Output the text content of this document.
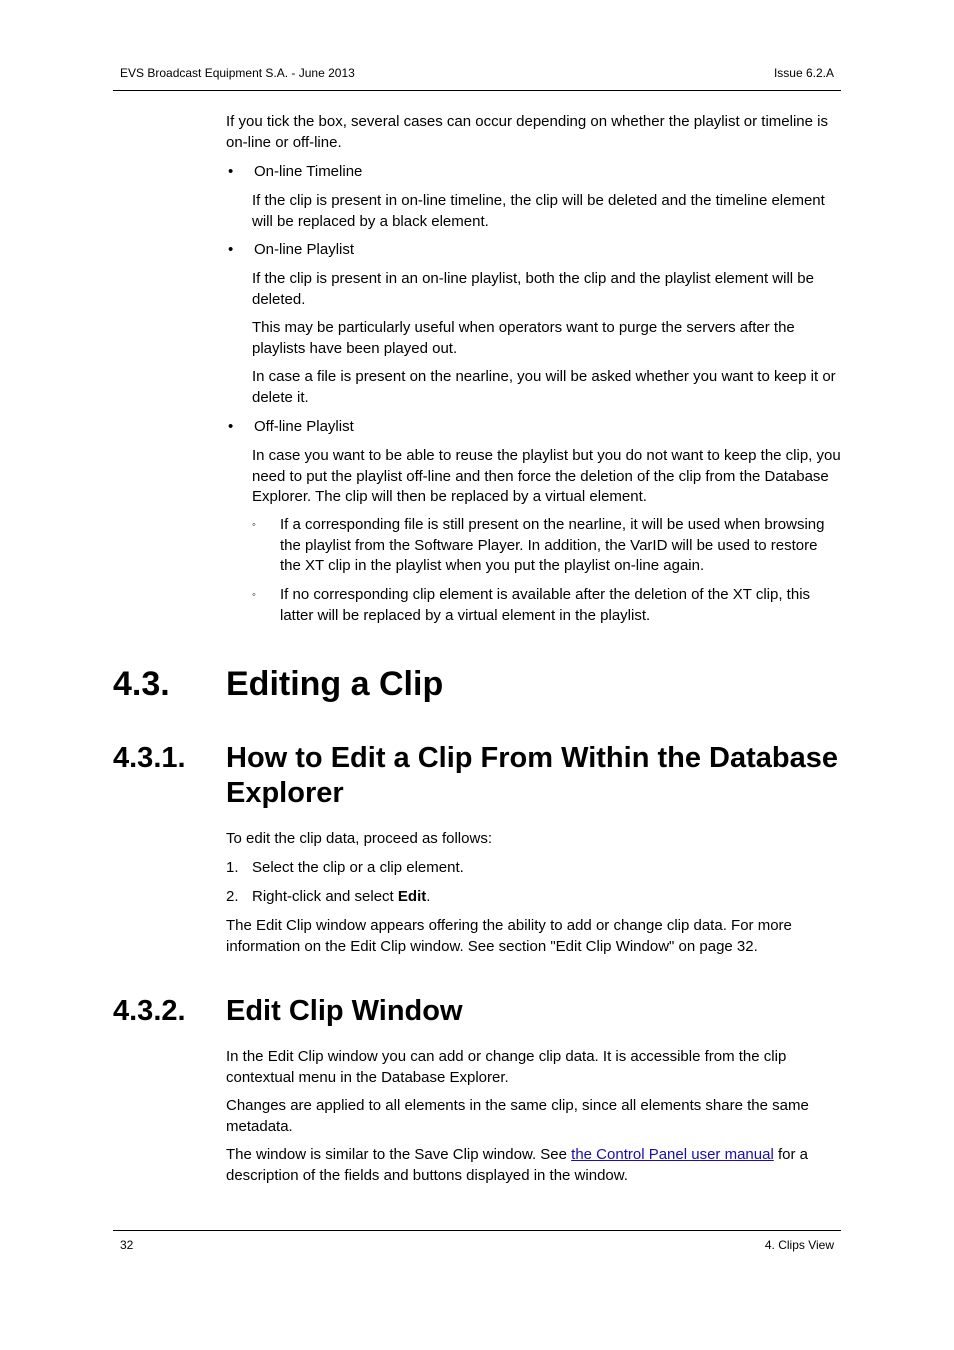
EVS Broadcast Equipment S.A. - June 2013	Issue 6.2.A

If you tick the box, several cases can occur depending on whether the playlist or timeline is on-line or off-line.

•	On-line Timeline
If the clip is present in on-line timeline, the clip will be deleted and the timeline element will be replaced by a black element.
•	On-line Playlist
If the clip is present in an on-line playlist, both the clip and the playlist element will be deleted.
This may be particularly useful when operators want to purge the servers after the playlists have been played out.
In case a file is present on the nearline, you will be asked whether you want to keep it or delete it.
•	Off-line Playlist
In case you want to be able to reuse the playlist but you do not want to keep the clip, you need to put the playlist off-line and then force the deletion of the clip from the Database Explorer. The clip will then be replaced by a virtual element.
◦ If a corresponding file is still present on the nearline, it will be used when browsing the playlist from the Software Player. In addition, the VarID will be used to restore the XT clip in the playlist when you put the playlist on-line again.
◦ If no corresponding clip element is available after the deletion of the XT clip, this latter will be replaced by a virtual element in the playlist.
4.3. Editing a Clip
4.3.1. How to Edit a Clip From Within the Database
Explorer
To edit the clip data, proceed as follows:
1. Select the clip or a clip element.
2. Right-click and select Edit.
The Edit Clip window appears offering the ability to add or change clip data. For more information on the Edit Clip window. See section "Edit Clip Window" on page 32.
4.3.2. Edit Clip Window
In the Edit Clip window you can add or change clip data. It is accessible from the clip contextual menu in the Database Explorer.
Changes are applied to all elements in the same clip, since all elements share the same metadata.
The window is similar to the Save Clip window. See the Control Panel user manual for a description of the fields and buttons displayed in the window.
32	4. Clips View
